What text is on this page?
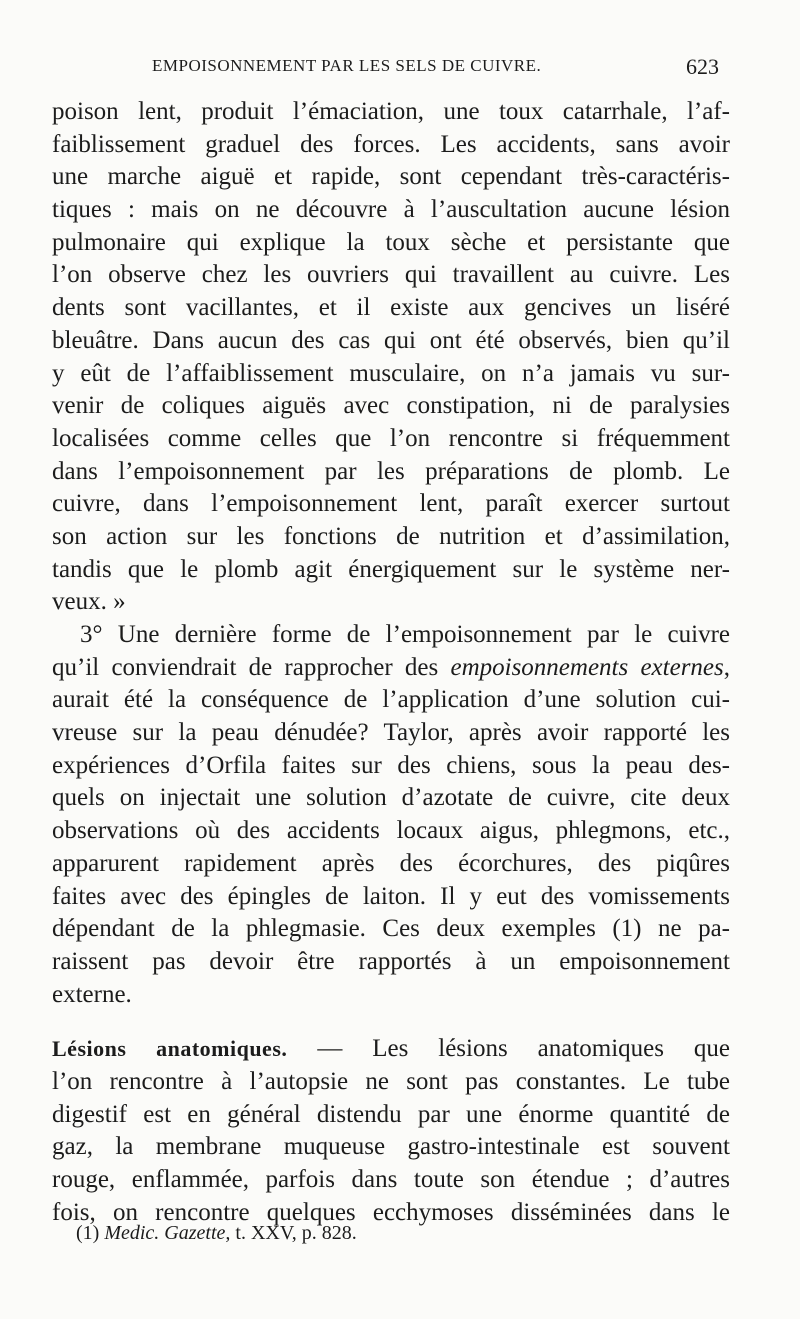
EMPOISONNEMENT PAR LES SELS DE CUIVRE.	623
poison lent, produit l’émaciation, une toux catarrhale, l’af-
faiblissement graduel des forces. Les accidents, sans avoir
une marche aiguë et rapide, sont cependant très-caractéris-
tiques : mais on ne découvre à l’auscultation aucune lésion
pulmonaire qui explique la toux sèche et persistante que
l’on observe chez les ouvriers qui travaillent au cuivre. Les
dents sont vacillantes, et il existe aux gencives un liséré
bleuâtre. Dans aucun des cas qui ont été observés, bien qu’il
y eût de l’affaiblissement musculaire, on n’a jamais vu sur-
venir de coliques aiguës avec constipation, ni de paralysies
localisées comme celles que l’on rencontre si fréquemment
dans l’empoisonnement par les préparations de plomb. Le
cuivre, dans l’empoisonnement lent, paraît exercer surtout
son action sur les fonctions de nutrition et d’assimilation,
tandis que le plomb agit énergiquement sur le système ner-
veux. »
3° Une dernière forme de l’empoisonnement par le cuivre
qu’il conviendrait de rapprocher des empoisonnements externes,
aurait été la conséquence de l’application d’une solution cui-
vreuse sur la peau dénudée? Taylor, après avoir rapporté les
expériences d’Orfila faites sur des chiens, sous la peau des-
quels on injectait une solution d’azotate de cuivre, cite deux
observations où des accidents locaux aigus, phlegmons, etc.,
apparurent rapidement après des écorchures, des piqûres
faites avec des épingles de laiton. Il y eut des vomissements
dépendant de la phlegmasie. Ces deux exemples (1) ne pa-
raissent pas devoir être rapportés à un empoisonnement
externe.
Lésions anatomiques. — Les lésions anatomiques que
l’on rencontre à l’autopsie ne sont pas constantes. Le tube
digestif est en général distendu par une énorme quantité de
gaz, la membrane muqueuse gastro-intestinale est souvent
rouge, enflammée, parfois dans toute son étendue ; d’autres
fois, on rencontre quelques ecchymoses disséminées dans le
(1) Medic. Gazette, t. XXV, p. 828.
